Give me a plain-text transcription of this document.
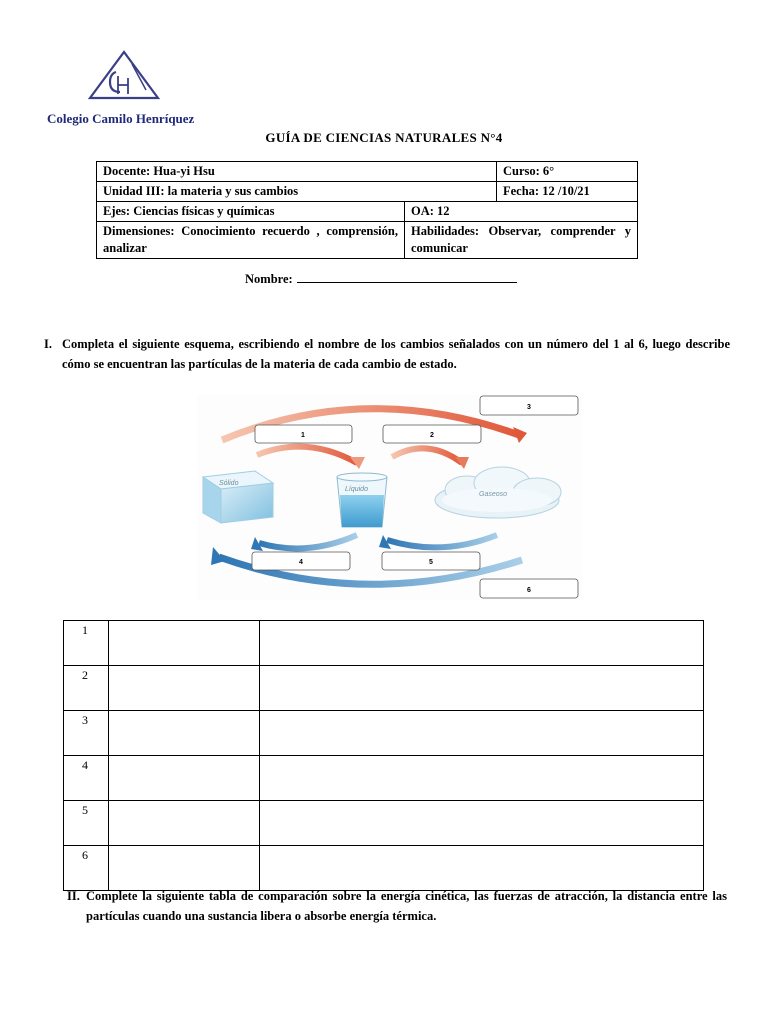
Colegio Camilo Henríquez
GUÍA DE CIENCIAS NATURALES N°4
Docente: Hua-yi Hsu		Curso: 6°
Unidad III: la materia y sus cambios		Fecha: 12 /10/21
Ejes: Ciencias físicas y químicas	OA: 12	
Dimensiones: Conocimiento recuerdo , comprensión, analizar	Habilidades: Observar, comprender y comunicar	
Nombre:
I. Completa el siguiente esquema, escribiendo el nombre de los cambios señalados con un número del 1 al 6, luego describe cómo se encuentran las partículas de la materia de cada cambio de estado.
Sólido
Líquido
Gaseoso
1	2
3
4	5
6
1		
2		
3		
4		
5		
6		
II. Complete la siguiente tabla de comparación sobre la energía cinética, las fuerzas de atracción, la distancia entre las partículas cuando una sustancia libera o absorbe energía térmica.
